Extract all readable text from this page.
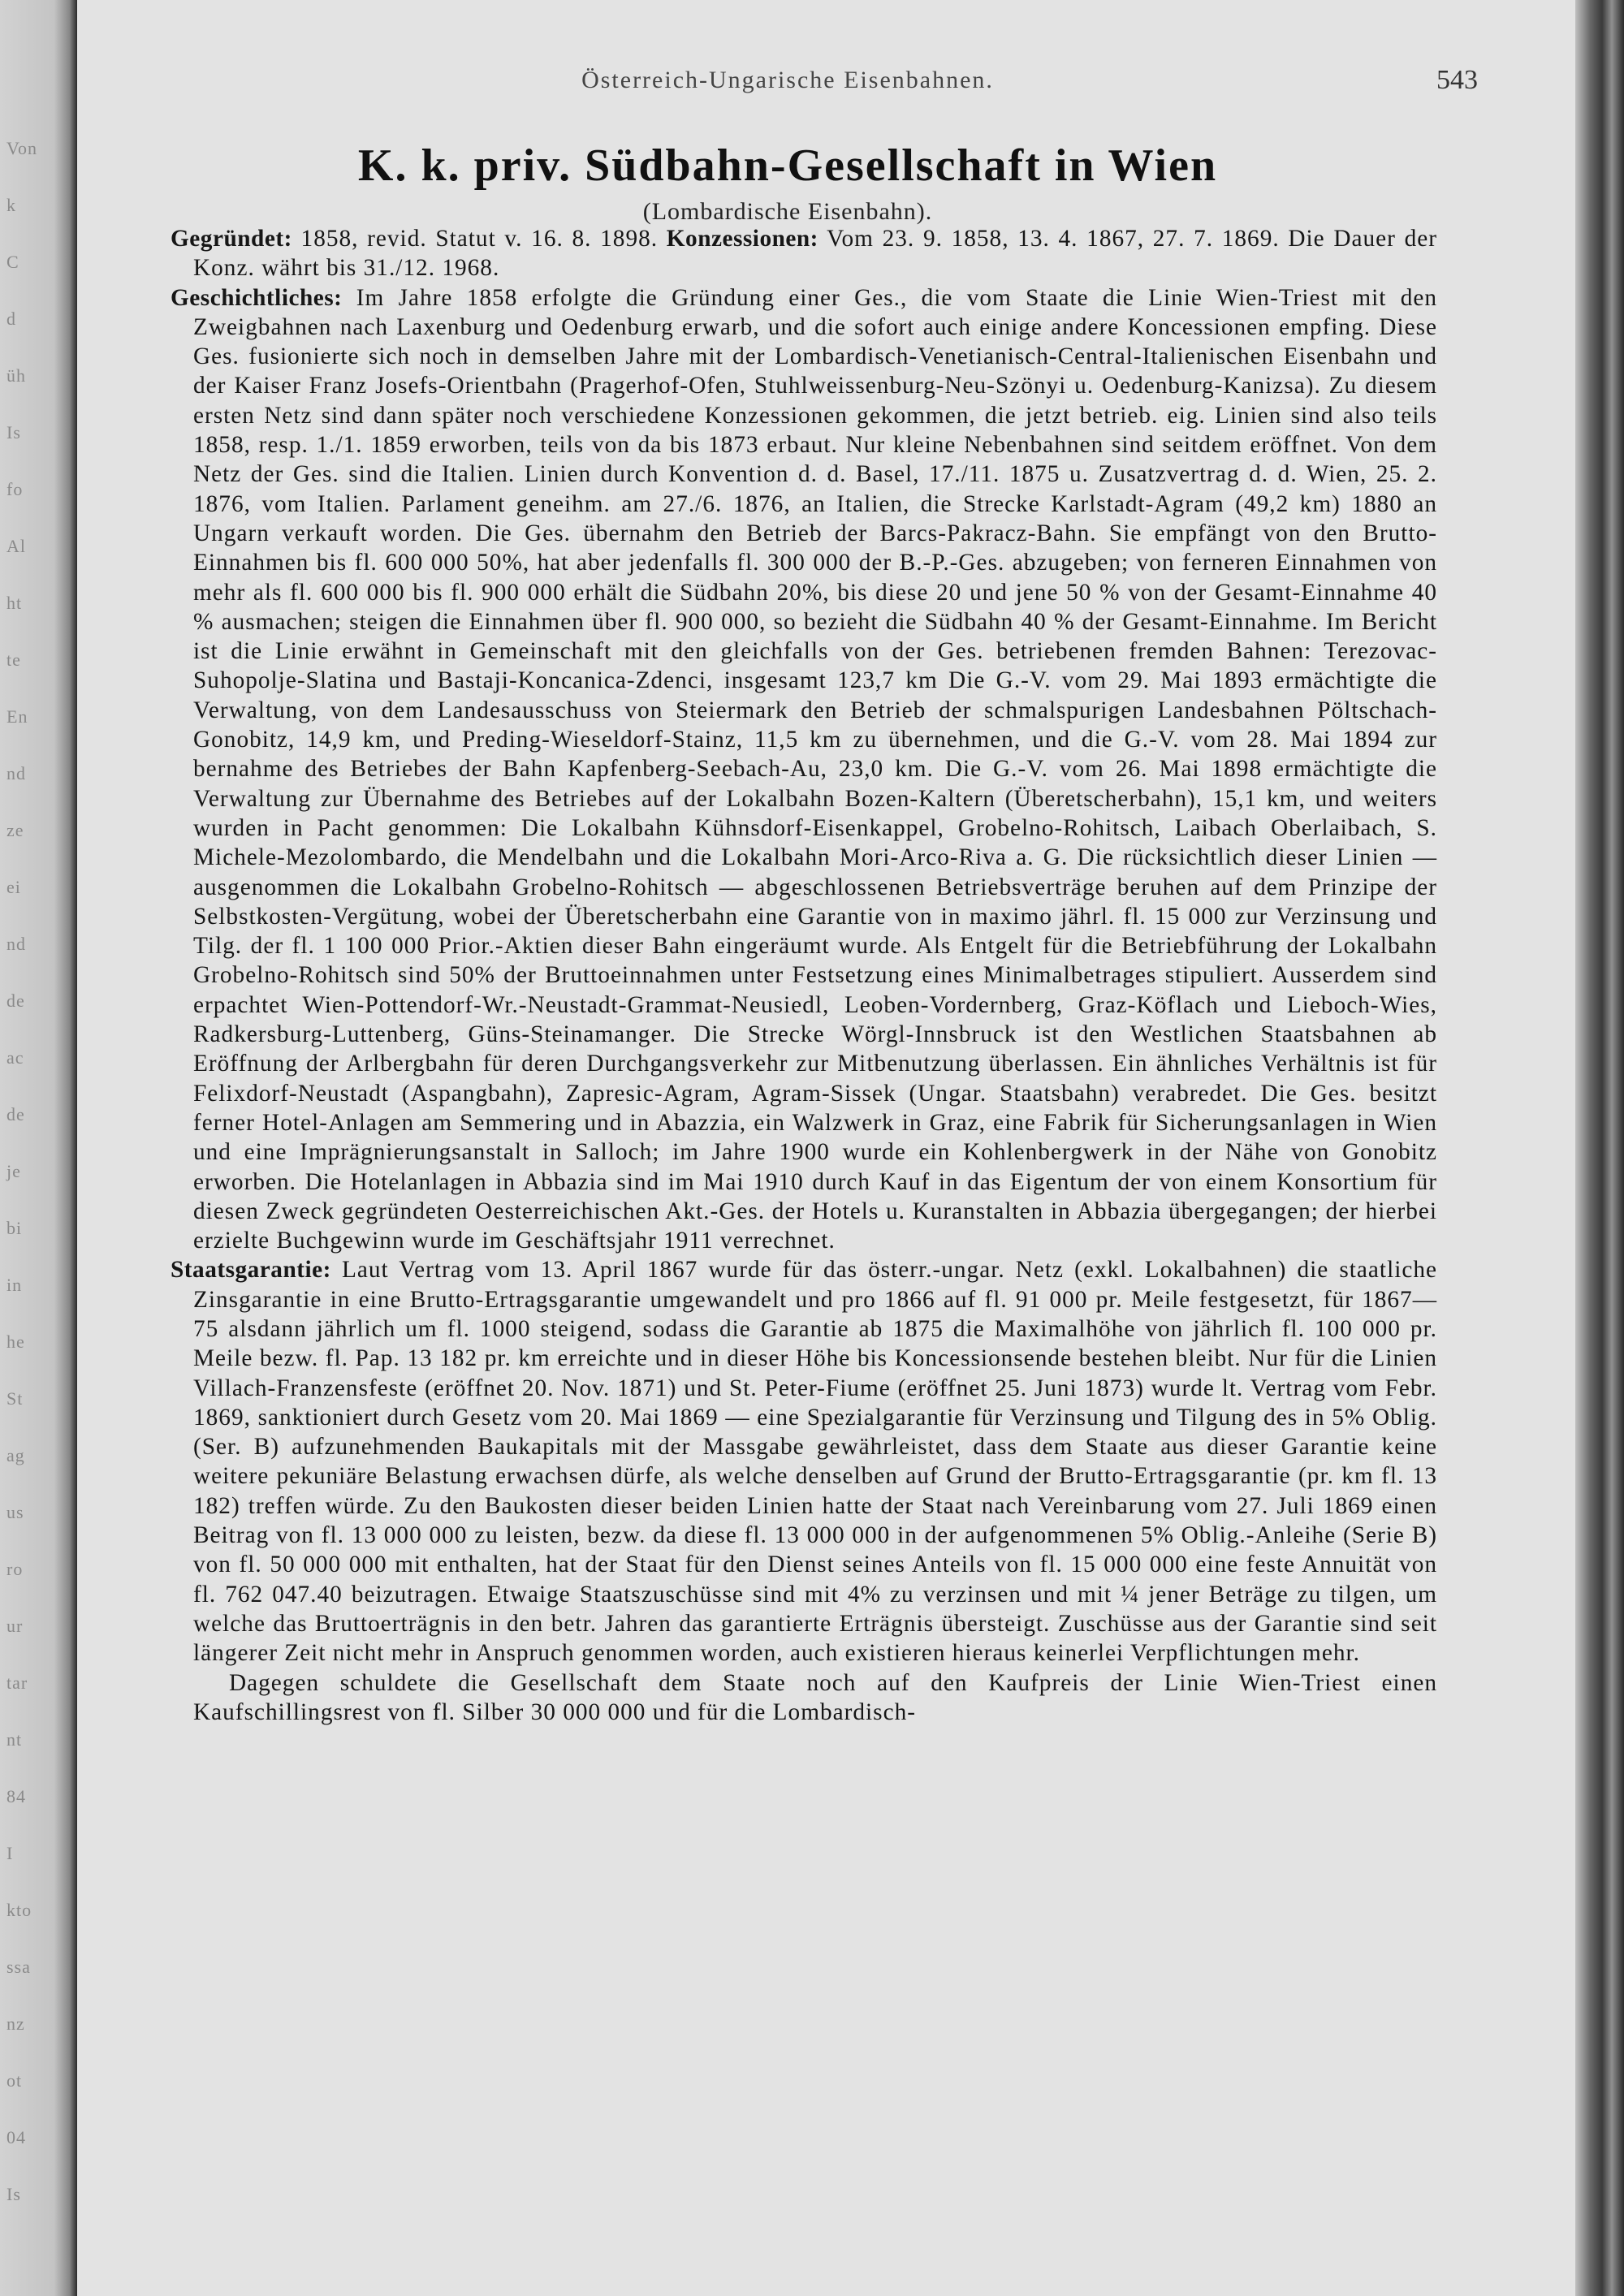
Von
k
C
d
üh
Is
fo
Al
ht
te
En
nd
ze
ei
nd
de
ac
de
je
bi
in
he
St
ag
us
ro
ur
tar
nt
84
I
kto
ssa
nz
ot
04
Is
Österreich-Ungarische Eisenbahnen.	543
K. k. priv. Südbahn-Gesellschaft in Wien
(Lombardische Eisenbahn).

Gegründet: 1858, revid. Statut v. 16. 8. 1898. Konzessionen: Vom 23. 9. 1858, 13. 4. 1867, 27. 7. 1869. Die Dauer der Konz. währt bis 31./12. 1968.

Geschichtliches: Im Jahre 1858 erfolgte die Gründung einer Ges., die vom Staate die Linie Wien-Triest mit den Zweigbahnen nach Laxenburg und Oedenburg erwarb, und die sofort auch einige andere Koncessionen empfing. Diese Ges. fusionierte sich noch in demselben Jahre mit der Lombardisch-Venetianisch-Central-Italienischen Eisenbahn und der Kaiser Franz Josefs-Orientbahn (Pragerhof-Ofen, Stuhlweissenburg-Neu-Szönyi u. Oedenburg-Kanizsa). Zu diesem ersten Netz sind dann später noch verschiedene Konzessionen gekommen, die jetzt betrieb. eig. Linien sind also teils 1858, resp. 1./1. 1859 erworben, teils von da bis 1873 erbaut. Nur kleine Nebenbahnen sind seitdem eröffnet. Von dem Netz der Ges. sind die Italien. Linien durch Konvention d. d. Basel, 17./11. 1875 u. Zusatzvertrag d. d. Wien, 25. 2. 1876, vom Italien. Parlament geneihm. am 27./6. 1876, an Italien, die Strecke Karlstadt-Agram (49,2 km) 1880 an Ungarn verkauft worden. Die Ges. übernahm den Betrieb der Barcs-Pakracz-Bahn. Sie empfängt von den Brutto-Einnahmen bis fl. 600 000 50%, hat aber jedenfalls fl. 300 000 der B.-P.-Ges. abzugeben; von ferneren Einnahmen von mehr als fl. 600 000 bis fl. 900 000 erhält die Südbahn 20%, bis diese 20 und jene 50 % von der Gesamt-Einnahme 40 % ausmachen; steigen die Einnahmen über fl. 900 000, so bezieht die Südbahn 40 % der Gesamt-Einnahme. Im Bericht ist die Linie erwähnt in Gemeinschaft mit den gleichfalls von der Ges. betriebenen fremden Bahnen: Terezovac-Suhopolje-Slatina und Bastaji-Koncanica-Zdenci, insgesamt 123,7 km Die G.-V. vom 29. Mai 1893 ermächtigte die Verwaltung, von dem Landesausschuss von Steiermark den Betrieb der schmalspurigen Landesbahnen Pöltschach-Gonobitz, 14,9 km, und Preding-Wieseldorf-Stainz, 11,5 km zu übernehmen, und die G.-V. vom 28. Mai 1894 zur bernahme des Betriebes der Bahn Kapfenberg-Seebach-Au, 23,0 km. Die G.-V. vom 26. Mai 1898 ermächtigte die Verwaltung zur Übernahme des Betriebes auf der Lokalbahn Bozen-Kaltern (Überetscherbahn), 15,1 km, und weiters wurden in Pacht genommen: Die Lokalbahn Kühnsdorf-Eisenkappel, Grobelno-Rohitsch, Laibach Oberlaibach, S. Michele-Mezolombardo, die Mendelbahn und die Lokalbahn Mori-Arco-Riva a. G. Die rücksichtlich dieser Linien — ausgenommen die Lokalbahn Grobelno-Rohitsch — abgeschlossenen Betriebsverträge beruhen auf dem Prinzipe der Selbstkosten-Vergütung, wobei der Überetscherbahn eine Garantie von in maximo jährl. fl. 15 000 zur Verzinsung und Tilg. der fl. 1 100 000 Prior.-Aktien dieser Bahn eingeräumt wurde. Als Entgelt für die Betriebführung der Lokalbahn Grobelno-Rohitsch sind 50% der Bruttoeinnahmen unter Festsetzung eines Minimalbetrages stipuliert. Ausserdem sind erpachtet Wien-Pottendorf-Wr.-Neustadt-Grammat-Neusiedl, Leoben-Vordernberg, Graz-Köflach und Lieboch-Wies, Radkersburg-Luttenberg, Güns-Steinamanger. Die Strecke Wörgl-Innsbruck ist den Westlichen Staatsbahnen ab Eröffnung der Arlbergbahn für deren Durchgangsverkehr zur Mitbenutzung überlassen. Ein ähnliches Verhältnis ist für Felixdorf-Neustadt (Aspangbahn), Zapresic-Agram, Agram-Sissek (Ungar. Staatsbahn) verabredet. Die Ges. besitzt ferner Hotel-Anlagen am Semmering und in Abazzia, ein Walzwerk in Graz, eine Fabrik für Sicherungsanlagen in Wien und eine Imprägnierungsanstalt in Salloch; im Jahre 1900 wurde ein Kohlenbergwerk in der Nähe von Gonobitz erworben. Die Hotelanlagen in Abbazia sind im Mai 1910 durch Kauf in das Eigentum der von einem Konsortium für diesen Zweck gegründeten Oesterreichischen Akt.-Ges. der Hotels u. Kuranstalten in Abbazia übergegangen; der hierbei erzielte Buchgewinn wurde im Geschäftsjahr 1911 verrechnet.

Staatsgarantie: Laut Vertrag vom 13. April 1867 wurde für das österr.-ungar. Netz (exkl. Lokalbahnen) die staatliche Zinsgarantie in eine Brutto-Ertragsgarantie umgewandelt und pro 1866 auf fl. 91 000 pr. Meile festgesetzt, für 1867—75 alsdann jährlich um fl. 1000 steigend, sodass die Garantie ab 1875 die Maximalhöhe von jährlich fl. 100 000 pr. Meile bezw. fl. Pap. 13 182 pr. km erreichte und in dieser Höhe bis Koncessionsende bestehen bleibt. Nur für die Linien Villach-Franzensfeste (eröffnet 20. Nov. 1871) und St. Peter-Fiume (eröffnet 25. Juni 1873) wurde lt. Vertrag vom Febr. 1869, sanktioniert durch Gesetz vom 20. Mai 1869 — eine Spezialgarantie für Verzinsung und Tilgung des in 5% Oblig. (Ser. B) aufzunehmenden Baukapitals mit der Massgabe gewährleistet, dass dem Staate aus dieser Garantie keine weitere pekuniäre Belastung erwachsen dürfe, als welche denselben auf Grund der Brutto-Ertragsgarantie (pr. km fl. 13 182) treffen würde. Zu den Baukosten dieser beiden Linien hatte der Staat nach Vereinbarung vom 27. Juli 1869 einen Beitrag von fl. 13 000 000 zu leisten, bezw. da diese fl. 13 000 000 in der aufgenommenen 5% Oblig.-Anleihe (Serie B) von fl. 50 000 000 mit enthalten, hat der Staat für den Dienst seines Anteils von fl. 15 000 000 eine feste Annuität von fl. 762 047.40 beizutragen. Etwaige Staatszuschüsse sind mit 4% zu verzinsen und mit ¼ jener Beträge zu tilgen, um welche das Bruttoerträgnis in den betr. Jahren das garantierte Erträgnis übersteigt. Zuschüsse aus der Garantie sind seit längerer Zeit nicht mehr in Anspruch genommen worden, auch existieren hieraus keinerlei Verpflichtungen mehr.

Dagegen schuldete die Gesellschaft dem Staate noch auf den Kaufpreis der Linie Wien-Triest einen Kaufschillingsrest von fl. Silber 30 000 000 und für die Lombardisch-
